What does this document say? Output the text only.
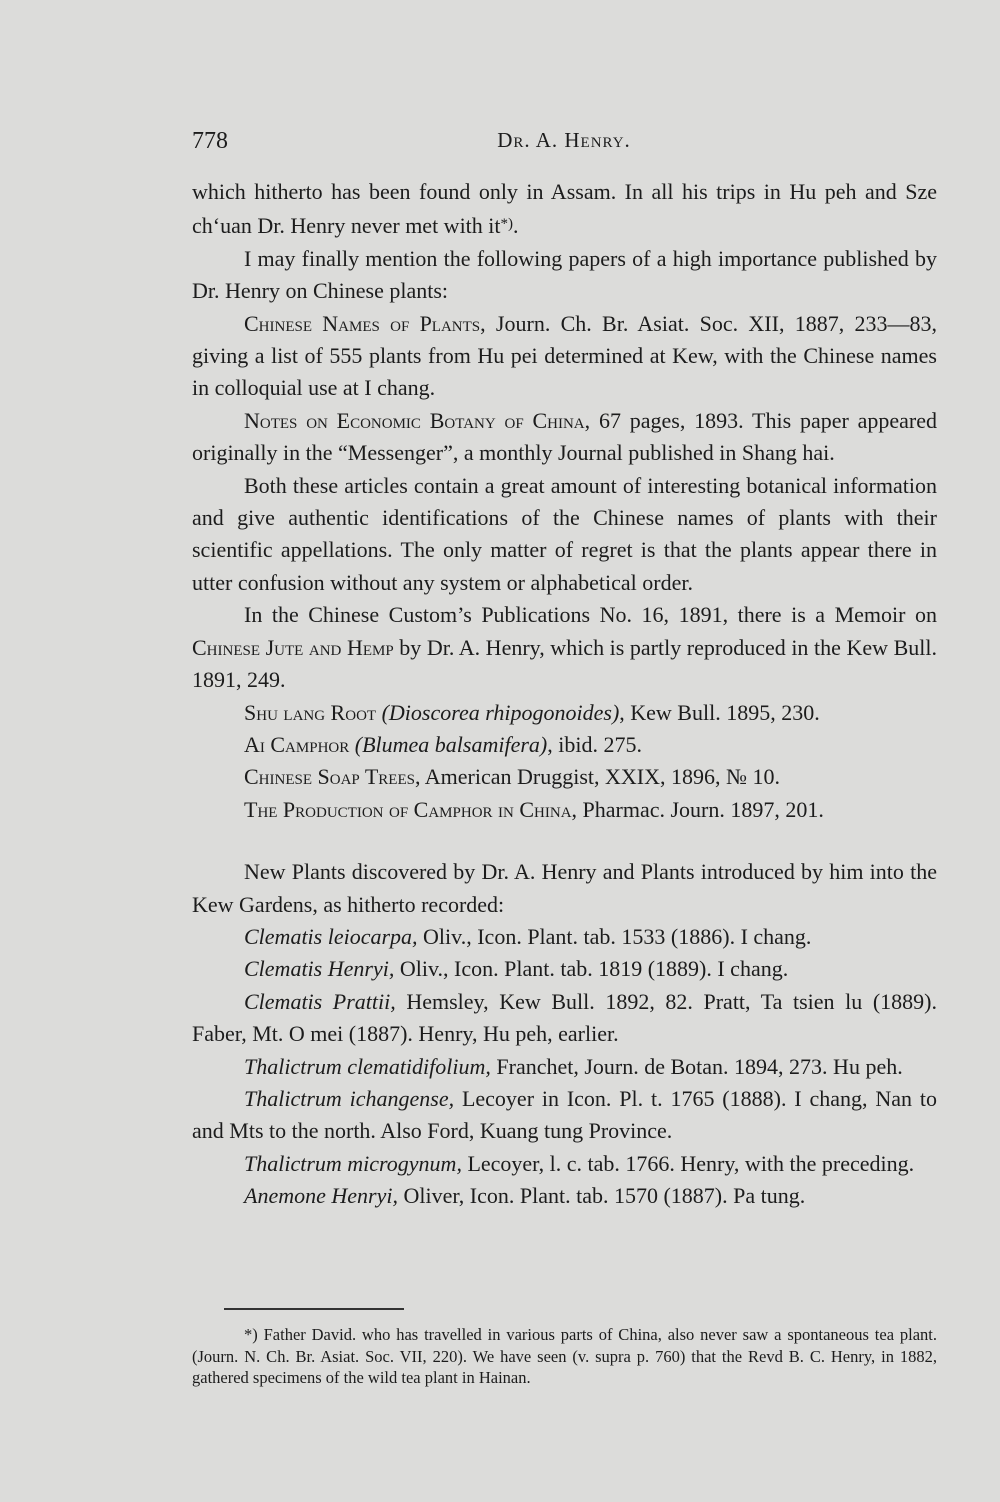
778	Dr. A. Henry.

which hitherto has been found only in Assam. In all his trips in Hu peh and Sze chʻuan Dr. Henry never met with it*).

I may finally mention the following papers of a high importance published by Dr. Henry on Chinese plants:

Chinese Names of Plants, Journ. Ch. Br. Asiat. Soc. XII, 1887, 233—83, giving a list of 555 plants from Hu pei determined at Kew, with the Chinese names in colloquial use at I chang.

Notes on Economic Botany of China, 67 pages, 1893. This paper appeared originally in the “Messenger”, a monthly Journal published in Shang hai.

Both these articles contain a great amount of interesting botanical information and give authentic identifications of the Chinese names of plants with their scientific appellations. The only matter of regret is that the plants appear there in utter confusion without any system or alphabetical order.

In the Chinese Custom’s Publications No. 16, 1891, there is a Memoir on Chinese Jute and Hemp by Dr. A. Henry, which is partly reproduced in the Kew Bull. 1891, 249.

Shu lang Root (Dioscorea rhipogonoides), Kew Bull. 1895, 230.

Ai Camphor (Blumea balsamifera), ibid. 275.

Chinese Soap Trees, American Druggist, XXIX, 1896, № 10.

The Production of Camphor in China, Pharmac. Journ. 1897, 201.

New Plants discovered by Dr. A. Henry and Plants introduced by him into the Kew Gardens, as hitherto recorded:

Clematis leiocarpa, Oliv., Icon. Plant. tab. 1533 (1886). I chang.

Clematis Henryi, Oliv., Icon. Plant. tab. 1819 (1889). I chang.

Clematis Prattii, Hemsley, Kew Bull. 1892, 82. Pratt, Ta tsien lu (1889). Faber, Mt. O mei (1887). Henry, Hu peh, earlier.

Thalictrum clematidifolium, Franchet, Journ. de Botan. 1894, 273. Hu peh.

Thalictrum ichangense, Lecoyer in Icon. Pl. t. 1765 (1888). I chang, Nan to and Mts to the north. Also Ford, Kuang tung Province.

Thalictrum microgynum, Lecoyer, l. c. tab. 1766. Henry, with the preceding.

Anemone Henryi, Oliver, Icon. Plant. tab. 1570 (1887). Pa tung.

*) Father David. who has travelled in various parts of China, also never saw a spontaneous tea plant. (Journ. N. Ch. Br. Asiat. Soc. VII, 220). We have seen (v. supra p. 760) that the Revd B. C. Henry, in 1882, gathered specimens of the wild tea plant in Hainan.
